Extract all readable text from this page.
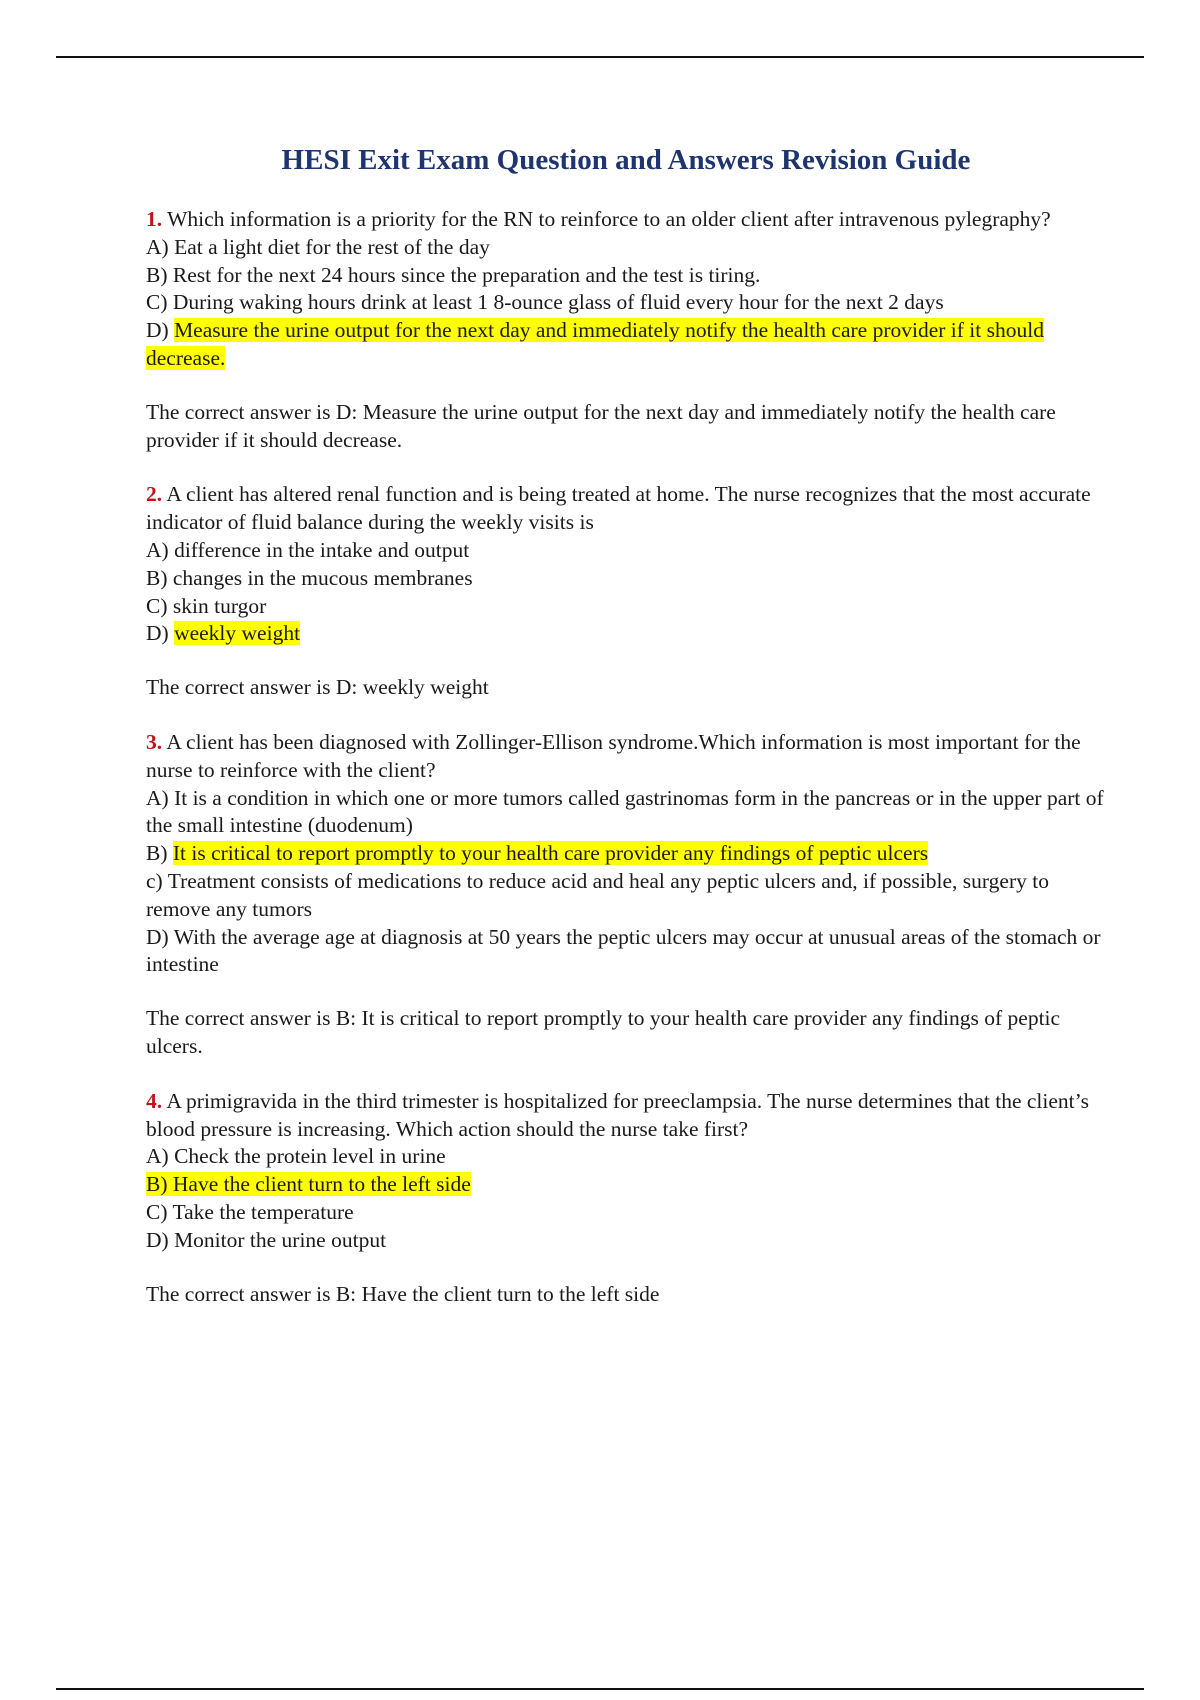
HESI Exit Exam Question and Answers Revision Guide

1. Which information is a priority for the RN to reinforce to an older client after intravenous pylegraphy?

A) Eat a light diet for the rest of the day

B) Rest for the next 24 hours since the preparation and the test is tiring.

C) During waking hours drink at least 1 8-ounce glass of fluid every hour for the next 2 days

D) Measure the urine output for the next day and immediately notify the health care provider if it should decrease.

The correct answer is D: Measure the urine output for the next day and immediately notify the health care provider if it should decrease.

2. A client has altered renal function and is being treated at home. The nurse recognizes that the most accurate indicator of fluid balance during the weekly visits is

A) difference in the intake and output

B) changes in the mucous membranes

C) skin turgor

D) weekly weight

The correct answer is D: weekly weight

3. A client has been diagnosed with Zollinger-Ellison syndrome.Which information is most important for the nurse to reinforce with the client?

A) It is a condition in which one or more tumors called gastrinomas form in the pancreas or in the upper part of the small intestine (duodenum)

B) It is critical to report promptly to your health care provider any findings of peptic ulcers

c) Treatment consists of medications to reduce acid and heal any peptic ulcers and, if possible, surgery to remove any tumors

D) With the average age at diagnosis at 50 years the peptic ulcers may occur at unusual areas of the stomach or intestine

The correct answer is B: It is critical to report promptly to your health care provider any findings of peptic ulcers.

4. A primigravida in the third trimester is hospitalized for preeclampsia. The nurse determines that the client’s blood pressure is increasing. Which action should the nurse take first?

A) Check the protein level in urine

B) Have the client turn to the left side

C) Take the temperature

D) Monitor the urine output

The correct answer is B: Have the client turn to the left side
